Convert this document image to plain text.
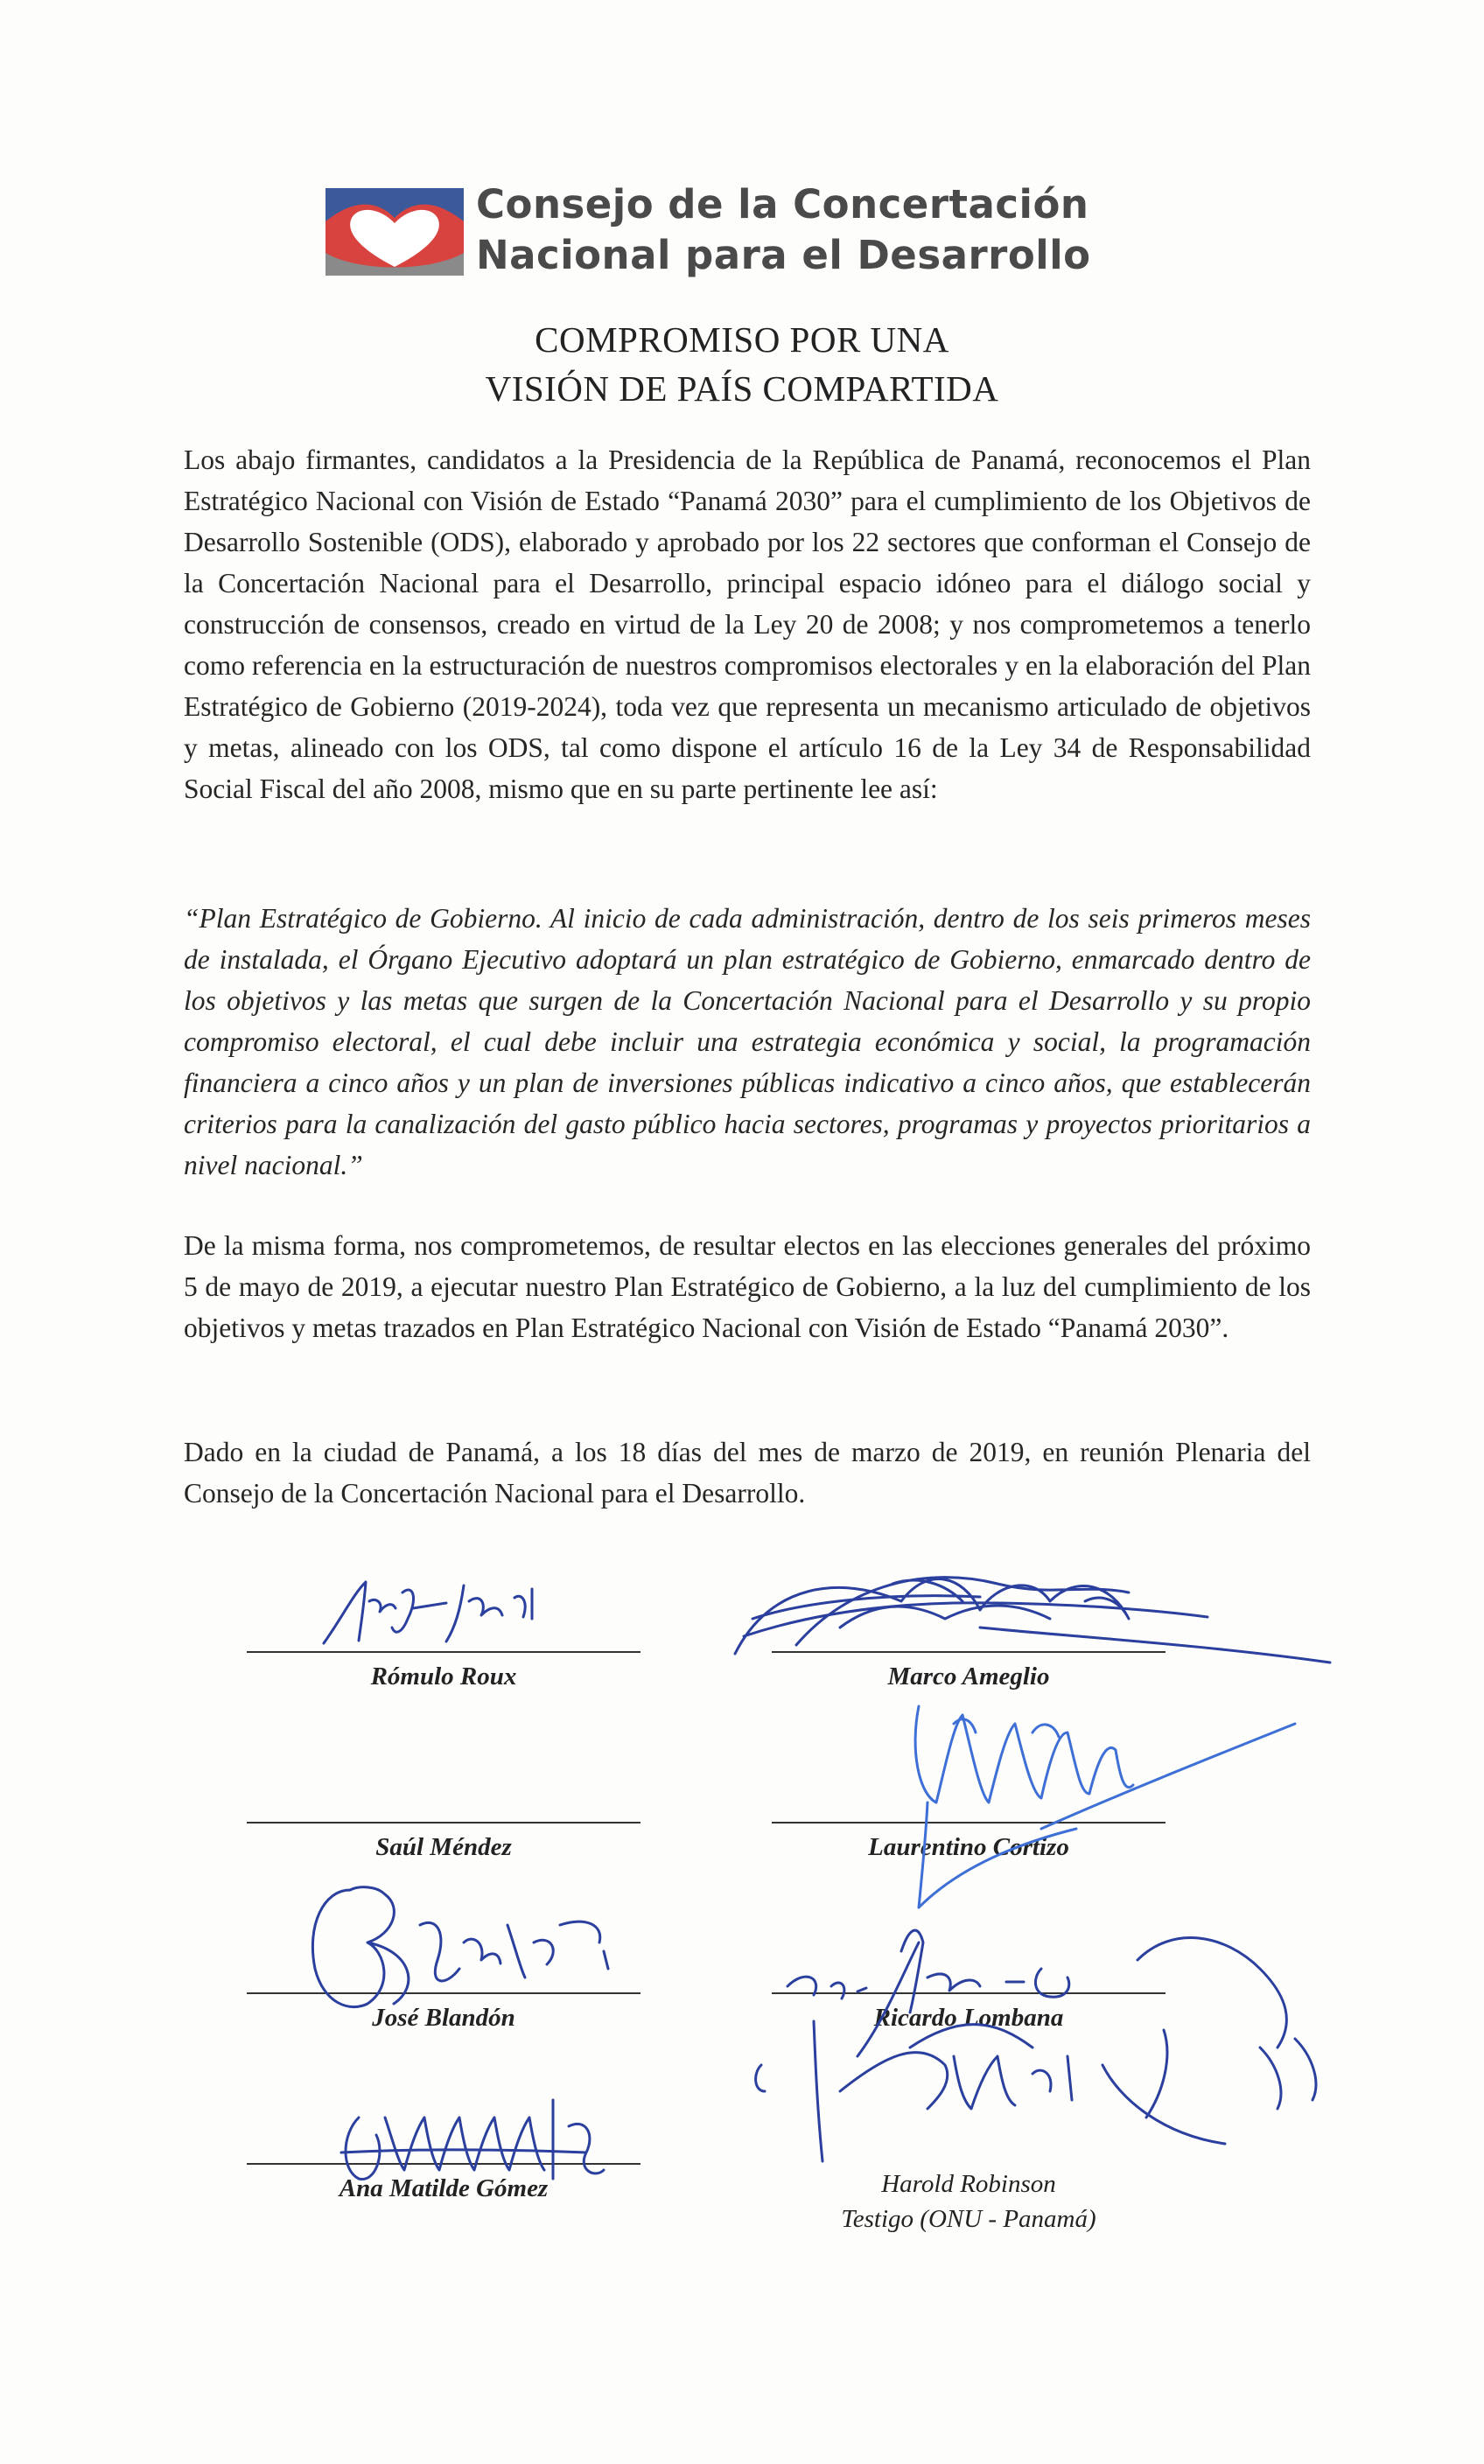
Consejo de la Concertación
Nacional para el Desarrollo
COMPROMISO POR UNA
VISIÓN DE PAÍS COMPARTIDA
Los abajo firmantes, candidatos a la Presidencia de la República de Panamá, reconocemos el Plan Estratégico Nacional con Visión de Estado “Panamá 2030” para el cumplimiento de los Objetivos de Desarrollo Sostenible (ODS), elaborado y aprobado por los 22 sectores que conforman el Consejo de la Concertación Nacional para el Desarrollo, principal espacio idóneo para el diálogo social y construcción de consensos, creado en virtud de la Ley 20 de 2008; y nos comprometemos a tenerlo como referencia en la estructuración de nuestros compromisos electorales y en la elaboración del Plan Estratégico de Gobierno (2019-2024), toda vez que representa un mecanismo articulado de objetivos y metas, alineado con los ODS, tal como dispone el artículo 16 de la Ley 34 de Responsabilidad Social Fiscal del año 2008, mismo que en su parte pertinente lee así:
“Plan Estratégico de Gobierno. Al inicio de cada administración, dentro de los seis primeros meses de instalada, el Órgano Ejecutivo adoptará un plan estratégico de Gobierno, enmarcado dentro de los objetivos y las metas que surgen de la Concertación Nacional para el Desarrollo y su propio compromiso electoral, el cual debe incluir una estrategia económica y social, la programación financiera a cinco años y un plan de inversiones públicas indicativo a cinco años, que establecerán criterios para la canalización del gasto público hacia sectores, programas y proyectos prioritarios a nivel nacional.”
De la misma forma, nos comprometemos, de resultar electos en las elecciones generales del próximo 5 de mayo de 2019, a ejecutar nuestro Plan Estratégico de Gobierno, a la luz del cumplimiento de los objetivos y metas trazados en Plan Estratégico Nacional con Visión de Estado “Panamá 2030”.
Dado en la ciudad de Panamá, a los 18 días del mes de marzo de 2019, en reunión Plenaria del Consejo de la Concertación Nacional para el Desarrollo.
Rómulo Roux	Marco Ameglio
Saúl Méndez	Laurentino Cortizo
José Blandón	Ricardo Lombana
Ana Matilde Gómez	Harold Robinson
Testigo (ONU - Panamá)
